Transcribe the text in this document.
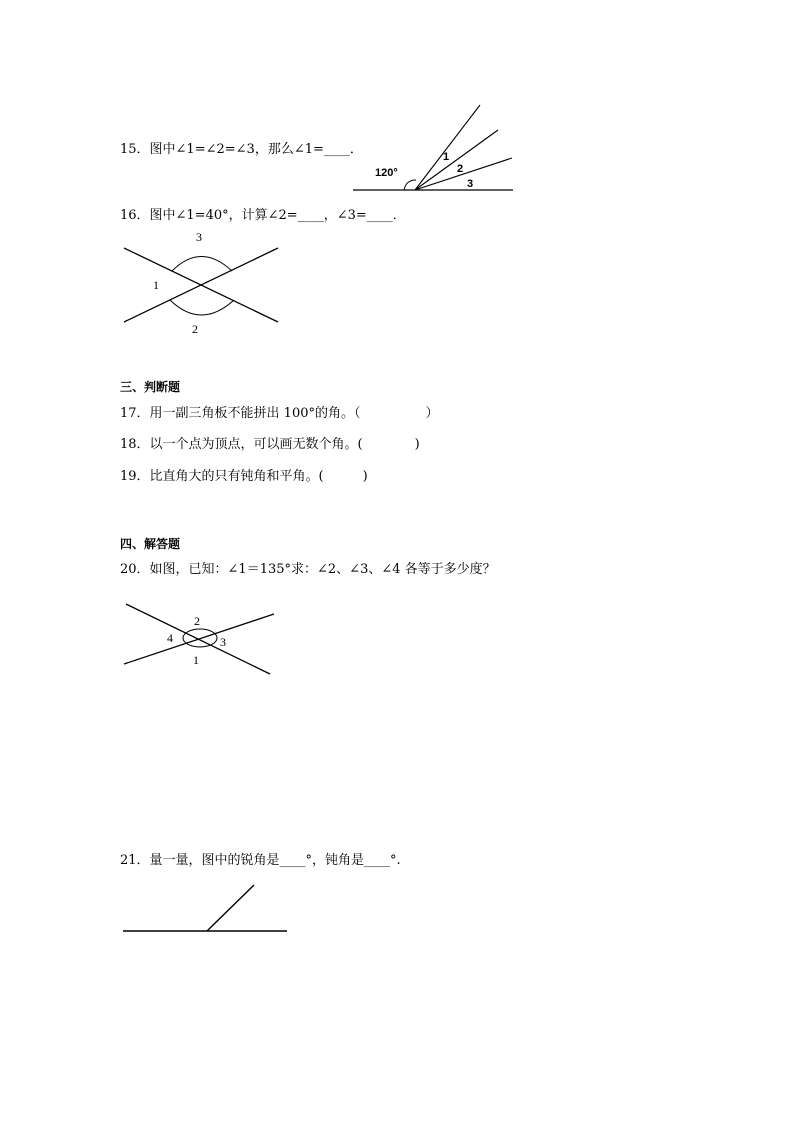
15．图中∠1=∠2=∠3，那么∠1=____．
120°
1
2
3
16．图中∠1=40°，计算∠2=____，∠3=____．
3
1
2
三、判断题
17．用一副三角板不能拼出 100°的角。（　　　　　）
18．以一个点为顶点，可以画无数个角。(　　　　)
19．比直角大的只有钝角和平角。(　　　)
四、解答题
20．如图，已知：∠1＝135°求：∠2、∠3、∠4 各等于多少度？
2
4	3
1
21．量一量，图中的锐角是____°，钝角是____°.
